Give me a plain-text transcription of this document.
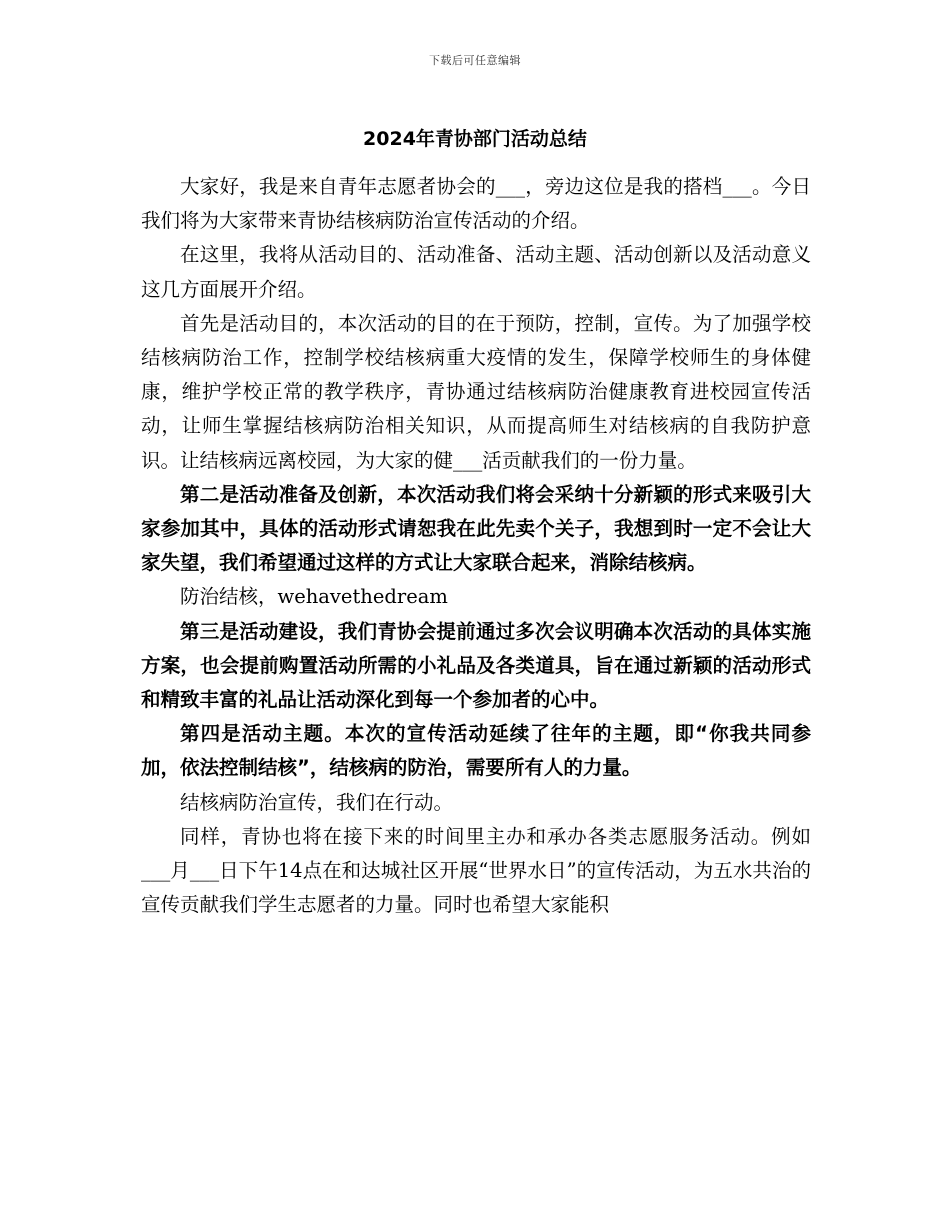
下载后可任意编辑
2024年青协部门活动总结

大家好，我是来自青年志愿者协会的___，旁边这位是我的搭档___。今日我们将为大家带来青协结核病防治宣传活动的介绍。

在这里，我将从活动目的、活动准备、活动主题、活动创新以及活动意义这几方面展开介绍。

首先是活动目的，本次活动的目的在于预防，控制，宣传。为了加强学校结核病防治工作，控制学校结核病重大疫情的发生，保障学校师生的身体健康，维护学校正常的教学秩序，青协通过结核病防治健康教育进校园宣传活动，让师生掌握结核病防治相关知识，从而提高师生对结核病的自我防护意识。让结核病远离校园，为大家的健___活贡献我们的一份力量。

第二是活动准备及创新，本次活动我们将会采纳十分新颖的形式来吸引大家参加其中，具体的活动形式请恕我在此先卖个关子，我想到时一定不会让大家失望，我们希望通过这样的方式让大家联合起来，消除结核病。

防治结核，wehavethedream

第三是活动建设，我们青协会提前通过多次会议明确本次活动的具体实施方案，也会提前购置活动所需的小礼品及各类道具，旨在通过新颖的活动形式和精致丰富的礼品让活动深化到每一个参加者的心中。

第四是活动主题。本次的宣传活动延续了往年的主题，即“你我共同参加，依法控制结核”，结核病的防治，需要所有人的力量。

结核病防治宣传，我们在行动。

同样，青协也将在接下来的时间里主办和承办各类志愿服务活动。例如___月___日下午14点在和达城社区开展“世界水日”的宣传活动，为五水共治的宣传贡献我们学生志愿者的力量。同时也希望大家能积
